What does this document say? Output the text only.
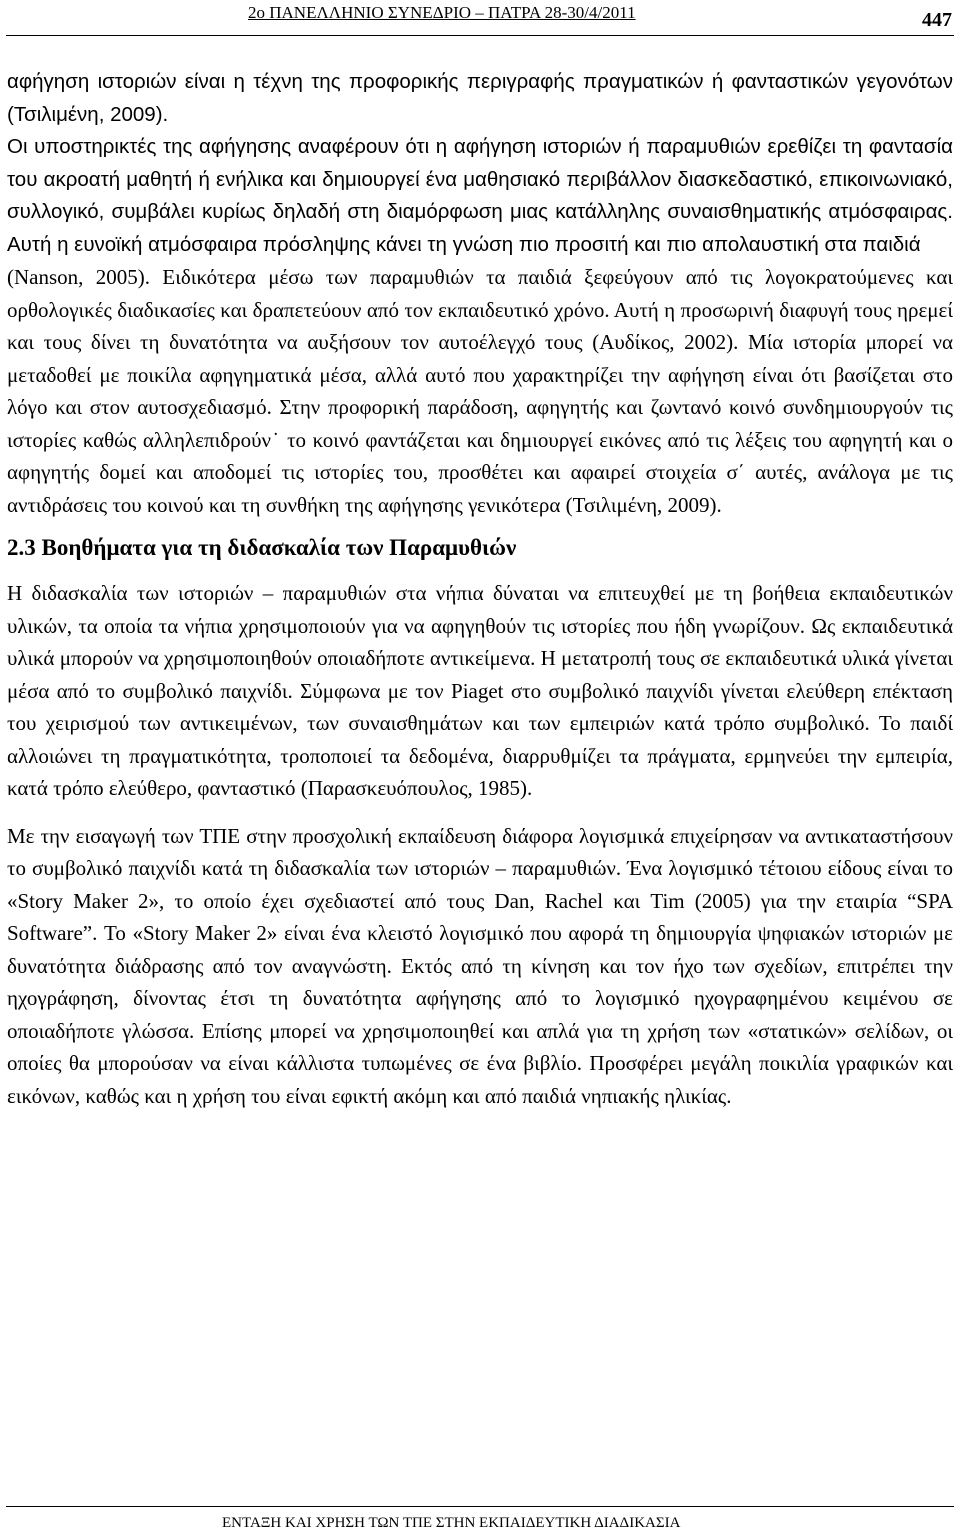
2ο ΠΑΝΕΛΛΗΝΙΟ ΣΥΝΕΔΡΙΟ – ΠΑΤΡΑ 28-30/4/2011	447

αφήγηση ιστοριών είναι η τέχνη της προφορικής περιγραφής πραγματικών ή φανταστικών γεγονότων (Τσιλιμένη, 2009).

Οι υποστηρικτές της αφήγησης αναφέρουν ότι η αφήγηση ιστοριών ή παραμυθιών ερεθίζει τη φαντασία του ακροατή μαθητή ή ενήλικα και δημιουργεί ένα μαθησιακό περιβάλλον διασκεδαστικό, επικοινωνιακό, συλλογικό, συμβάλει κυρίως δηλαδή στη διαμόρφωση μιας κατάλληλης συναισθηματικής ατμόσφαιρας. Αυτή η ευνοϊκή ατμόσφαιρα πρόσληψης κάνει τη γνώση πιο προσιτή και πιο απολαυστική στα παιδιά

(Nanson, 2005). Ειδικότερα μέσω των παραμυθιών τα παιδιά ξεφεύγουν από τις λογοκρατούμενες και ορθολογικές διαδικασίες και δραπετεύουν από τον εκπαιδευτικό χρόνο. Αυτή η προσωρινή διαφυγή τους ηρεμεί και τους δίνει τη δυνατότητα να αυξήσουν τον αυτοέλεγχό τους (Αυδίκος, 2002). Μία ιστορία μπορεί να μεταδοθεί με ποικίλα αφηγηματικά μέσα, αλλά αυτό που χαρακτηρίζει την αφήγηση είναι ότι βασίζεται στο λόγο και στον αυτοσχεδιασμό. Στην προφορική παράδοση, αφηγητής και ζωντανό κοινό συνδημιουργούν τις ιστορίες καθώς αλληλεπιδρούν˙ το κοινό φαντάζεται και δημιουργεί εικόνες από τις λέξεις του αφηγητή και ο αφηγητής δομεί και αποδομεί τις ιστορίες του, προσθέτει και αφαιρεί στοιχεία σ΄ αυτές, ανάλογα με τις αντιδράσεις του κοινού και τη συνθήκη της αφήγησης γενικότερα (Τσιλιμένη, 2009).

2.3 Βοηθήματα για τη διδασκαλία των Παραμυθιών

Η διδασκαλία των ιστοριών – παραμυθιών στα νήπια δύναται να επιτευχθεί με τη βοήθεια εκπαιδευτικών υλικών, τα οποία τα νήπια χρησιμοποιούν για να αφηγηθούν τις ιστορίες που ήδη γνωρίζουν. Ως εκπαιδευτικά υλικά μπορούν να χρησιμοποιηθούν οποιαδήποτε αντικείμενα. Η μετατροπή τους σε εκπαιδευτικά υλικά γίνεται μέσα από το συμβολικό παιχνίδι. Σύμφωνα με τον Piaget στο συμβολικό παιχνίδι γίνεται ελεύθερη επέκταση του χειρισμού των αντικειμένων, των συναισθημάτων και των εμπειριών κατά τρόπο συμβολικό. Το παιδί αλλοιώνει τη πραγματικότητα, τροποποιεί τα δεδομένα, διαρρυθμίζει τα πράγματα, ερμηνεύει την εμπειρία, κατά τρόπο ελεύθερο, φανταστικό (Παρασκευόπουλος, 1985).

Με την εισαγωγή των ΤΠΕ στην προσχολική εκπαίδευση διάφορα λογισμικά επιχείρησαν να αντικαταστήσουν το συμβολικό παιχνίδι κατά τη διδασκαλία των ιστοριών – παραμυθιών. Ένα λογισμικό τέτοιου είδους είναι το «Story Maker 2», το οποίο έχει σχεδιαστεί από τους Dan, Rachel και Tim (2005) για την εταιρία “SPA Software”. Το «Story Maker 2» είναι ένα κλειστό λογισμικό που αφορά τη δημιουργία ψηφιακών ιστοριών με δυνατότητα διάδρασης από τον αναγνώστη. Εκτός από τη κίνηση και τον ήχο των σχεδίων, επιτρέπει την ηχογράφηση, δίνοντας έτσι τη δυνατότητα αφήγησης από το λογισμικό ηχογραφημένου κειμένου σε οποιαδήποτε γλώσσα. Επίσης μπορεί να χρησιμοποιηθεί και απλά για τη χρήση των «στατικών» σελίδων, οι οποίες θα μπορούσαν να είναι κάλλιστα τυπωμένες σε ένα βιβλίο. Προσφέρει μεγάλη ποικιλία γραφικών και εικόνων, καθώς και η χρήση του είναι εφικτή ακόμη και από παιδιά νηπιακής ηλικίας.

ΕΝΤΑΞΗ ΚΑΙ ΧΡΗΣΗ ΤΩΝ ΤΠΕ ΣΤΗΝ ΕΚΠΑΙΔΕΥΤΙΚΗ ΔΙΑΔΙΚΑΣΙΑ
